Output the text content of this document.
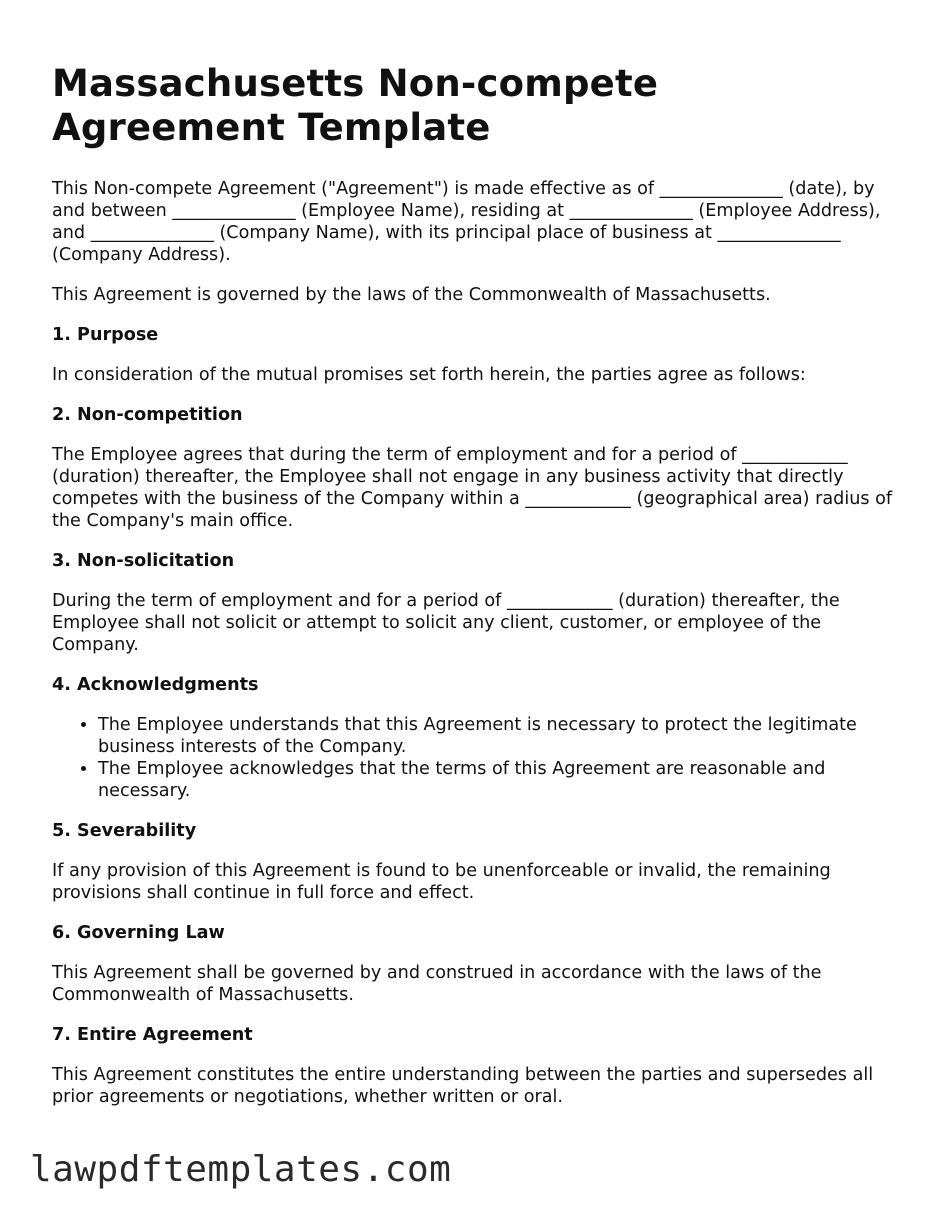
Massachusetts Non-compete Agreement Template

This Non-compete Agreement ("Agreement") is made effective as of ______________ (date), by and between ______________ (Employee Name), residing at ______________ (Employee Address), and ______________ (Company Name), with its principal place of business at ______________ (Company Address).

This Agreement is governed by the laws of the Commonwealth of Massachusetts.

1. Purpose

In consideration of the mutual promises set forth herein, the parties agree as follows:

2. Non-competition

The Employee agrees that during the term of employment and for a period of ____________ (duration) thereafter, the Employee shall not engage in any business activity that directly competes with the business of the Company within a ____________ (geographical area) radius of the Company's main office.

3. Non-solicitation

During the term of employment and for a period of ____________ (duration) thereafter, the Employee shall not solicit or attempt to solicit any client, customer, or employee of the Company.

4. Acknowledgments
• The Employee understands that this Agreement is necessary to protect the legitimate business interests of the Company.
• The Employee acknowledges that the terms of this Agreement are reasonable and necessary.
5. Severability

If any provision of this Agreement is found to be unenforceable or invalid, the remaining provisions shall continue in full force and effect.

6. Governing Law

This Agreement shall be governed by and construed in accordance with the laws of the Commonwealth of Massachusetts.

7. Entire Agreement

This Agreement constitutes the entire understanding between the parties and supersedes all prior agreements or negotiations, whether written or oral.

lawpdftemplates.com
